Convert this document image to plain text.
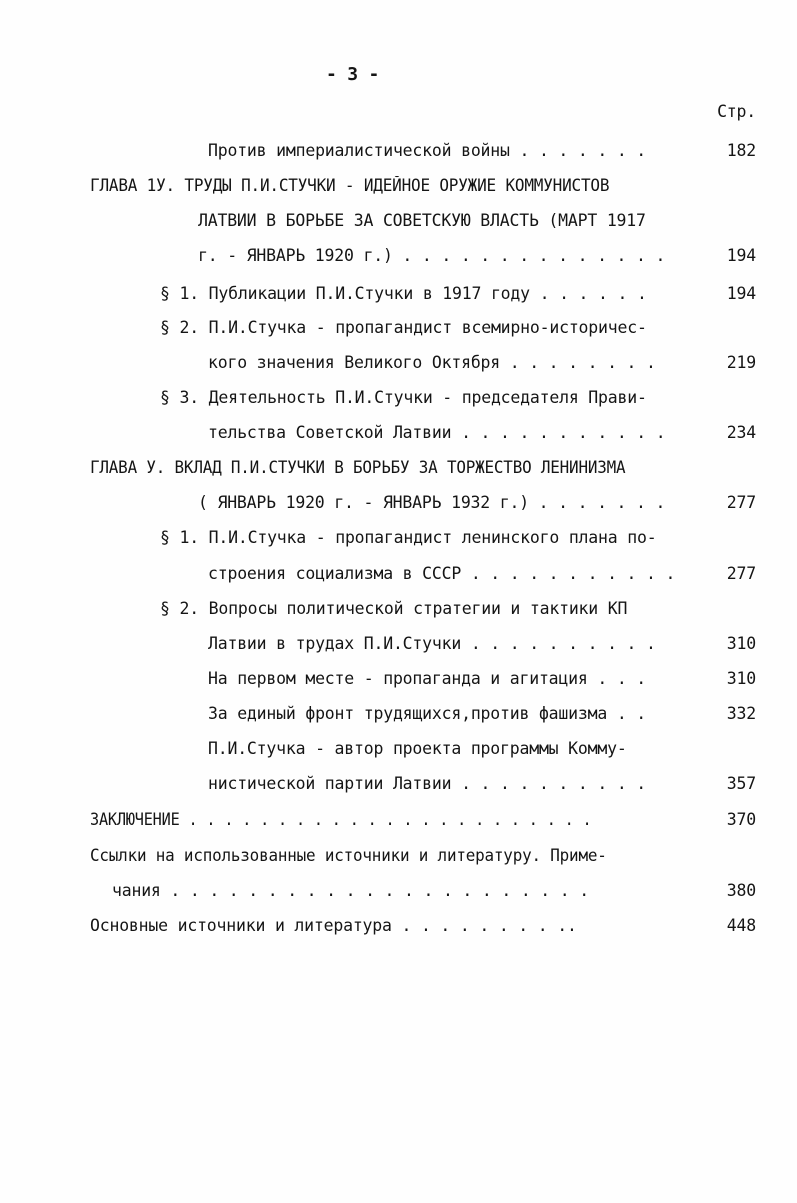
- 3 -
Стр.
Против империалистической войны . . . . . . .	182
ГЛАВА 1У. ТРУДЫ П.И.СТУЧКИ - ИДЕЙНОЕ ОРУЖИЕ КОММУНИСТОВ
ЛАТВИИ В БОРЬБЕ ЗА СОВЕТСКУЮ ВЛАСТЬ (МАРТ 1917
г. - ЯНВАРЬ 1920 г.) . . . . . . . . . . . . . .	194
§ 1. Публикации П.И.Стучки в 1917 году . . . . . .	194
§ 2. П.И.Стучка - пропагандист всемирно-историчес-
кого значения Великого Октября . . . . . . . .	219
§ 3. Деятельность П.И.Стучки - председателя Прави-
тельства Советской Латвии . . . . . . . . . . .	234
ГЛАВА У. ВКЛАД П.И.СТУЧКИ В БОРЬБУ ЗА ТОРЖЕСТВО ЛЕНИНИЗМА
( ЯНВАРЬ 1920 г. - ЯНВАРЬ 1932 г.) . . . . . . .	277
§ 1. П.И.Стучка - пропагандист ленинского плана по-
строения социализма в СССР . . . . . . . . . . .	277
§ 2. Вопросы политической стратегии и тактики КП
Латвии в трудах П.И.Стучки . . . . . . . . . .	310
На первом месте - пропаганда и агитация . . .	310
За единый фронт трудящихся,против фашизма . .	332
П.И.Стучка - автор проекта программы Комму-
нистической партии Латвии . . . . . . . . . .	357
ЗАКЛЮЧЕНИЕ . . . . . . . . . . . . . . . . . . . . . . .	370
Ссылки на использованные источники и литературу. Приме-
чания . . . . . . . . . . . . . . . . . . . . . .	380
Основные источники и литература . . . . . . . . ..	448
